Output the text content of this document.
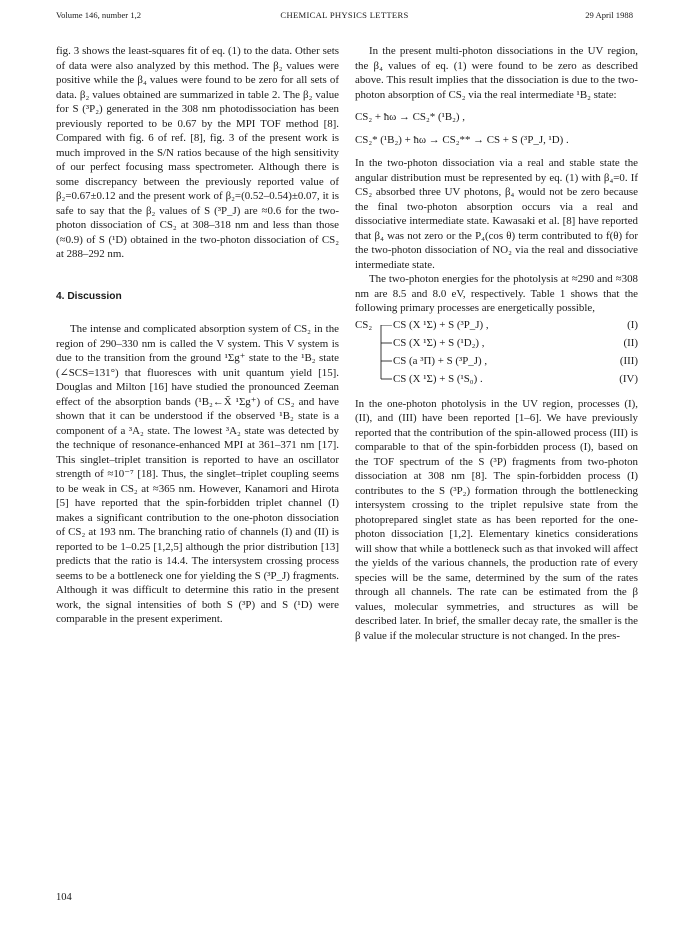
Volume 146, number 1,2	CHEMICAL PHYSICS LETTERS	29 April 1988

fig. 3 shows the least-squares fit of eq. (1) to the data. Other sets of data were also analyzed by this method. The β₂ values were positive while the β₄ values were found to be zero for all sets of data. β₂ values obtained are summarized in table 2. The β₂ value for S (³P₂) generated in the 308 nm photodissociation has been previously reported to be 0.67 by the MPI TOF method [8]. Compared with fig. 6 of ref. [8], fig. 3 of the present work is much improved in the S/N ratios because of the high sensitivity of our perfect focusing mass spectrometer. Although there is some discrepancy between the previously reported value of β₂=0.67±0.12 and the present work of β₂=(0.52–0.54)±0.07, it is safe to say that the β₂ values of S (³P_J) are ≈0.6 for the two-photon dissociation of CS₂ at 308–318 nm and less than those (≈0.9) of S (¹D) obtained in the two-photon dissociation of CS₂ at 288–292 nm.

4. Discussion

The intense and complicated absorption system of CS₂ in the region of 290–330 nm is called the V system. This V system is due to the transition from the ground ¹Σg⁺ state to the ¹B₂ state (∠SCS=131°) that fluoresces with unit quantum yield [15]. Douglas and Milton [16] have studied the pronounced Zeeman effect of the absorption bands (¹B₂←X̃ ¹Σg⁺) of CS₂ and have shown that it can be understood if the observed ¹B₂ state is a component of a ³A₂ state. The lowest ³A₂ state was detected by the technique of resonance-enhanced MPI at 361–371 nm [17]. This singlet–triplet transition is reported to have an oscillator strength of ≈10⁻⁷ [18]. Thus, the singlet–triplet coupling seems to be weak in CS₂ at ≈365 nm. However, Kanamori and Hirota [5] have reported that the spin-forbidden triplet channel (I) makes a significant contribution to the one-photon dissociation of CS₂ at 193 nm. The branching ratio of channels (I) and (II) is reported to be 1–0.25 [1,2,5] although the prior distribution [13] predicts that the ratio is 14.4. The intersystem crossing process seems to be a bottleneck one for yielding the S (³P_J) fragments. Although it was difficult to determine this ratio in the present work, the signal intensities of both S (³P) and S (¹D) were comparable in the present experiment.

In the present multi-photon dissociations in the UV region, the β₄ values of eq. (1) were found to be zero as described above. This result implies that the dissociation is due to the two-photon absorption of CS₂ via the real intermediate ¹B₂ state:

CS₂ + ħω → CS₂* (¹B₂) ,

CS₂* (¹B₂) + ħω → CS₂** → CS + S (³P_J, ¹D) .

In the two-photon dissociation via a real and stable state the angular distribution must be represented by eq. (1) with β₄=0. If CS₂ absorbed three UV photons, β₄ would not be zero because the final two-photon absorption occurs via a real and dissociative intermediate state. Kawasaki et al. [8] have reported that β₄ was not zero or the P₄(cos θ) term contributed to f(θ) for the two-photon dissociation of NO₂ via the real and dissociative intermediate state.

The two-photon energies for the photolysis at ≈290 and ≈308 nm are 8.5 and 8.0 eV, respectively. Table 1 shows that the following primary processes are energetically possible,

CS₂ CS (X ¹Σ) + S (³P_J) ,	(I)
CS (X ¹Σ) + S (¹D₂) ,	(II)
CS (a ³Π) + S (³P_J) ,	(III)
CS (X ¹Σ) + S (¹S₀) .	(IV)

In the one-photon photolysis in the UV region, processes (I), (II), and (III) have been reported [1–6]. We have previously reported that the contribution of the spin-allowed process (III) is comparable to that of the spin-forbidden process (I), based on the TOF spectrum of the S (³P) fragments from two-photon dissociation at 308 nm [8]. The spin-forbidden process (I) contributes to the S (³P₂) formation through the bottlenecking intersystem crossing to the triplet repulsive state from the photoprepared singlet state as has been reported for the one-photon dissociation [1,2]. Elementary kinetics considerations will show that while a bottleneck such as that invoked will affect the yields of the various channels, the production rate of every species will be the same, determined by the sum of the rates through all channels. The rate can be estimated from the β values, molecular symmetries, and structures as will be described later. In brief, the smaller decay rate, the smaller is the β value if the molecular structure is not changed. In the pres-

104
